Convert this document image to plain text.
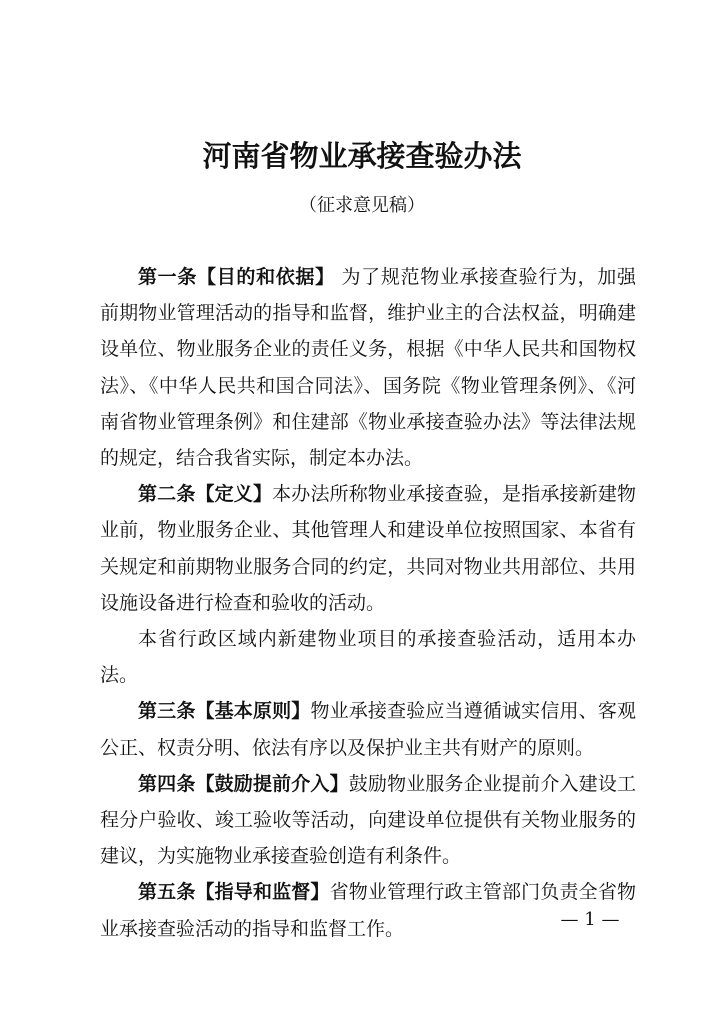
河南省物业承接查验办法
（征求意见稿）

第一条【目的和依据】 为了规范物业承接查验行为，加强前期物业管理活动的指导和监督，维护业主的合法权益，明确建设单位、物业服务企业的责任义务，根据《中华人民共和国物权法》、《中华人民共和国合同法》、国务院《物业管理条例》、《河南省物业管理条例》和住建部《物业承接查验办法》等法律法规的规定，结合我省实际，制定本办法。

第二条【定义】本办法所称物业承接查验，是指承接新建物业前，物业服务企业、其他管理人和建设单位按照国家、本省有关规定和前期物业服务合同的约定，共同对物业共用部位、共用设施设备进行检查和验收的活动。

本省行政区域内新建物业项目的承接查验活动，适用本办法。

第三条【基本原则】物业承接查验应当遵循诚实信用、客观公正、权责分明、依法有序以及保护业主共有财产的原则。

第四条【鼓励提前介入】鼓励物业服务企业提前介入建设工程分户验收、竣工验收等活动，向建设单位提供有关物业服务的建议，为实施物业承接查验创造有利条件。

第五条【指导和监督】省物业管理行政主管部门负责全省物业承接查验活动的指导和监督工作。	— 1 —
